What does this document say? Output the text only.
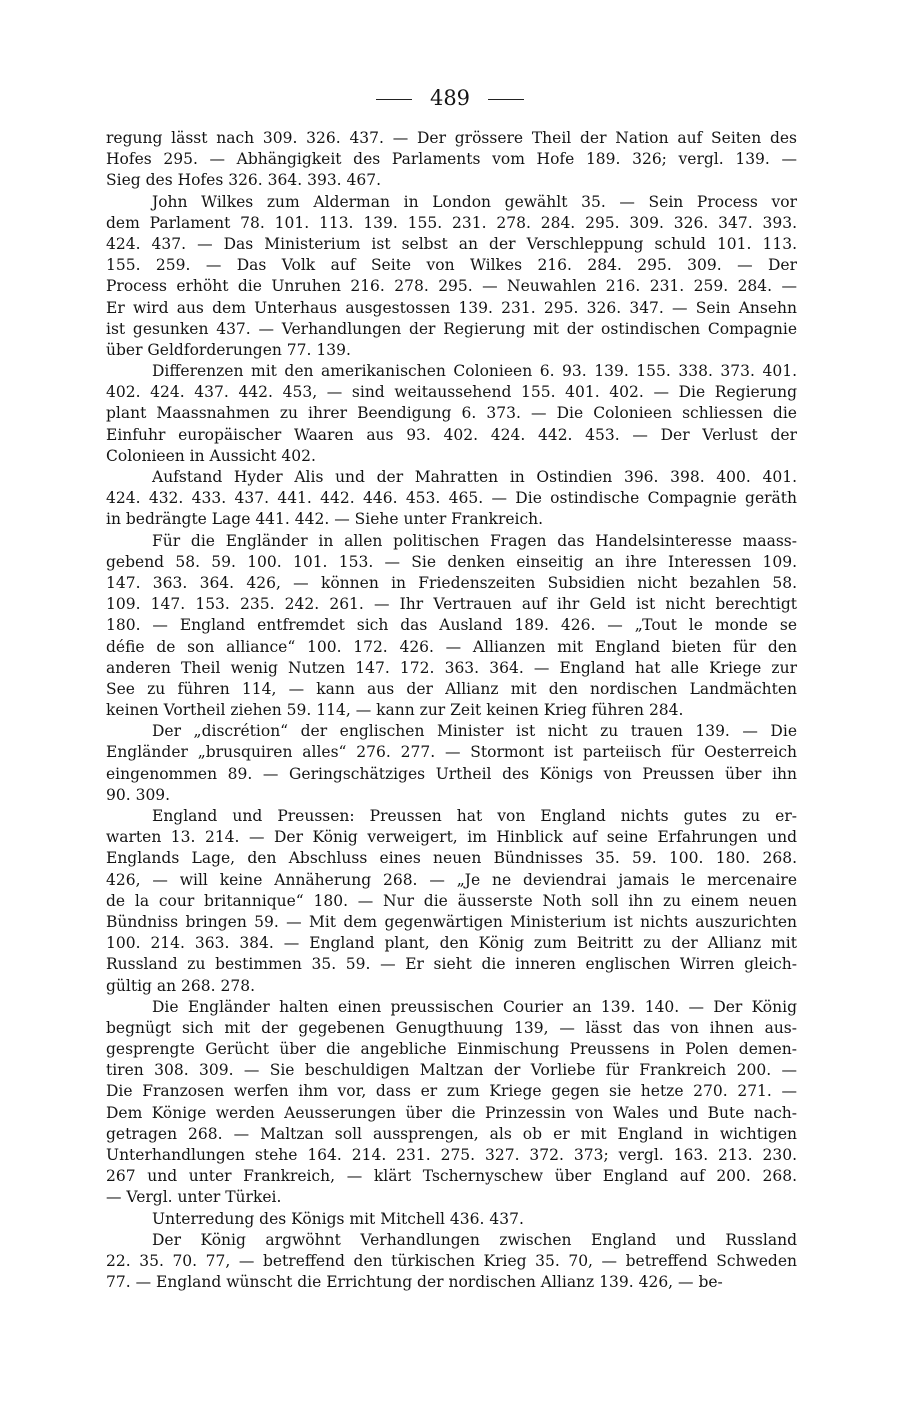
489
regung lässt nach 309. 326. 437. — Der grössere Theil der Nation auf Seiten des
Hofes 295. — Abhängigkeit des Parlaments vom Hofe 189. 326; vergl. 139. —
Sieg des Hofes 326. 364. 393. 467.
John Wilkes zum Alderman in London gewählt 35. — Sein Process vor
dem Parlament 78. 101. 113. 139. 155. 231. 278. 284. 295. 309. 326. 347. 393.
424. 437. — Das Ministerium ist selbst an der Verschleppung schuld 101. 113.
155. 259. — Das Volk auf Seite von Wilkes 216. 284. 295. 309. — Der
Process erhöht die Unruhen 216. 278. 295. — Neuwahlen 216. 231. 259. 284. —
Er wird aus dem Unterhaus ausgestossen 139. 231. 295. 326. 347. — Sein Ansehn
ist gesunken 437. — Verhandlungen der Regierung mit der ostindischen Compagnie
über Geldforderungen 77. 139.
Differenzen mit den amerikanischen Colonieen 6. 93. 139. 155. 338. 373. 401.
402. 424. 437. 442. 453, — sind weitaussehend 155. 401. 402. — Die Regierung
plant Maassnahmen zu ihrer Beendigung 6. 373. — Die Colonieen schliessen die
Einfuhr europäischer Waaren aus 93. 402. 424. 442. 453. — Der Verlust der
Colonieen in Aussicht 402.
Aufstand Hyder Alis und der Mahratten in Ostindien 396. 398. 400. 401.
424. 432. 433. 437. 441. 442. 446. 453. 465. — Die ostindische Compagnie geräth
in bedrängte Lage 441. 442. — Siehe unter Frankreich.
Für die Engländer in allen politischen Fragen das Handelsinteresse maass-
gebend 58. 59. 100. 101. 153. — Sie denken einseitig an ihre Interessen 109.
147. 363. 364. 426, — können in Friedenszeiten Subsidien nicht bezahlen 58.
109. 147. 153. 235. 242. 261. — Ihr Vertrauen auf ihr Geld ist nicht berechtigt
180. — England entfremdet sich das Ausland 189. 426. — „Tout le monde se
défie de son alliance“ 100. 172. 426. — Allianzen mit England bieten für den
anderen Theil wenig Nutzen 147. 172. 363. 364. — England hat alle Kriege zur
See zu führen 114, — kann aus der Allianz mit den nordischen Landmächten
keinen Vortheil ziehen 59. 114, — kann zur Zeit keinen Krieg führen 284.
Der „discrétion“ der englischen Minister ist nicht zu trauen 139. — Die
Engländer „brusquiren alles“ 276. 277. — Stormont ist parteiisch für Oesterreich
eingenommen 89. — Geringschätziges Urtheil des Königs von Preussen über ihn
90. 309.
England und Preussen: Preussen hat von England nichts gutes zu er-
warten 13. 214. — Der König verweigert, im Hinblick auf seine Erfahrungen und
Englands Lage, den Abschluss eines neuen Bündnisses 35. 59. 100. 180. 268.
426, — will keine Annäherung 268. — „Je ne deviendrai jamais le mercenaire
de la cour britannique“ 180. — Nur die äusserste Noth soll ihn zu einem neuen
Bündniss bringen 59. — Mit dem gegenwärtigen Ministerium ist nichts auszurichten
100. 214. 363. 384. — England plant, den König zum Beitritt zu der Allianz mit
Russland zu bestimmen 35. 59. — Er sieht die inneren englischen Wirren gleich-
gültig an 268. 278.
Die Engländer halten einen preussischen Courier an 139. 140. — Der König
begnügt sich mit der gegebenen Genugthuung 139, — lässt das von ihnen aus-
gesprengte Gerücht über die angebliche Einmischung Preussens in Polen demen-
tiren 308. 309. — Sie beschuldigen Maltzan der Vorliebe für Frankreich 200. —
Die Franzosen werfen ihm vor, dass er zum Kriege gegen sie hetze 270. 271. —
Dem Könige werden Aeusserungen über die Prinzessin von Wales und Bute nach-
getragen 268. — Maltzan soll aussprengen, als ob er mit England in wichtigen
Unterhandlungen stehe 164. 214. 231. 275. 327. 372. 373; vergl. 163. 213. 230.
267 und unter Frankreich, — klärt Tschernyschew über England auf 200. 268.
— Vergl. unter Türkei.
Unterredung des Königs mit Mitchell 436. 437.
Der König argwöhnt Verhandlungen zwischen England und Russland
22. 35. 70. 77, — betreffend den türkischen Krieg 35. 70, — betreffend Schweden
77. — England wünscht die Errichtung der nordischen Allianz 139. 426, — be-
